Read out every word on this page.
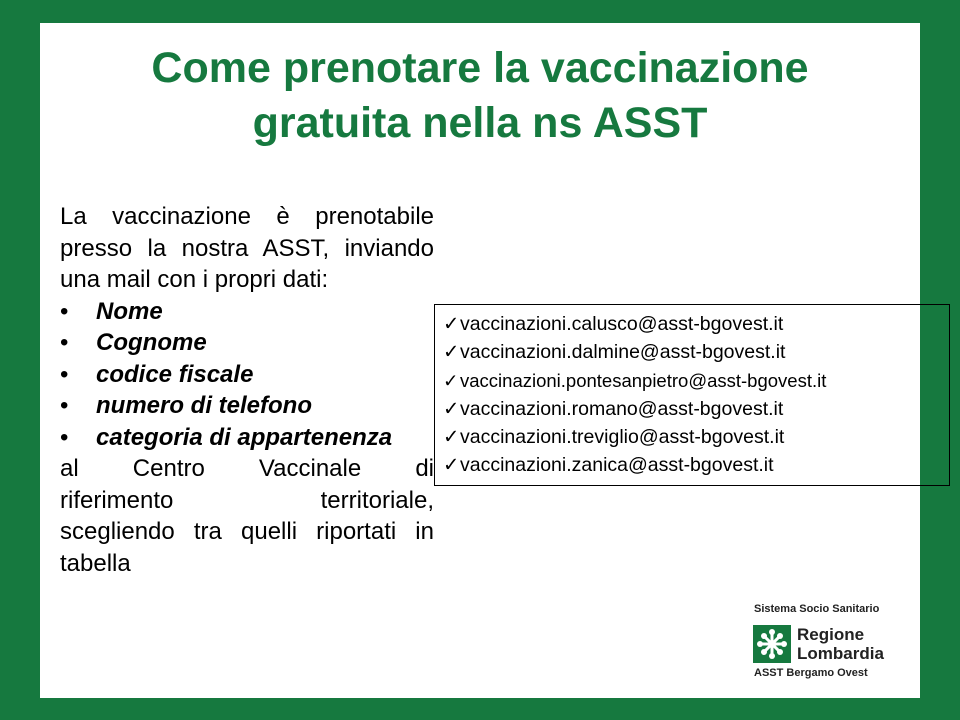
Come prenotare la vaccinazione
gratuita nella ns ASST

La vaccinazione è prenotabile presso la nostra ASST, inviando una mail con i propri dati:

• Nome
• Cognome
• codice fiscale
• numero di telefono
• categoria di appartenenza

al Centro Vaccinale di

riferimento territoriale,

scegliendo tra quelli riportati in tabella

✓vaccinazioni.calusco@asst-bgovest.it
✓vaccinazioni.dalmine@asst-bgovest.it
✓vaccinazioni.pontesanpietro@asst-bgovest.it
✓vaccinazioni.romano@asst-bgovest.it
✓vaccinazioni.treviglio@asst-bgovest.it
✓vaccinazioni.zanica@asst-bgovest.it
Sistema Socio Sanitario
Regione
Lombardia
ASST Bergamo Ovest
